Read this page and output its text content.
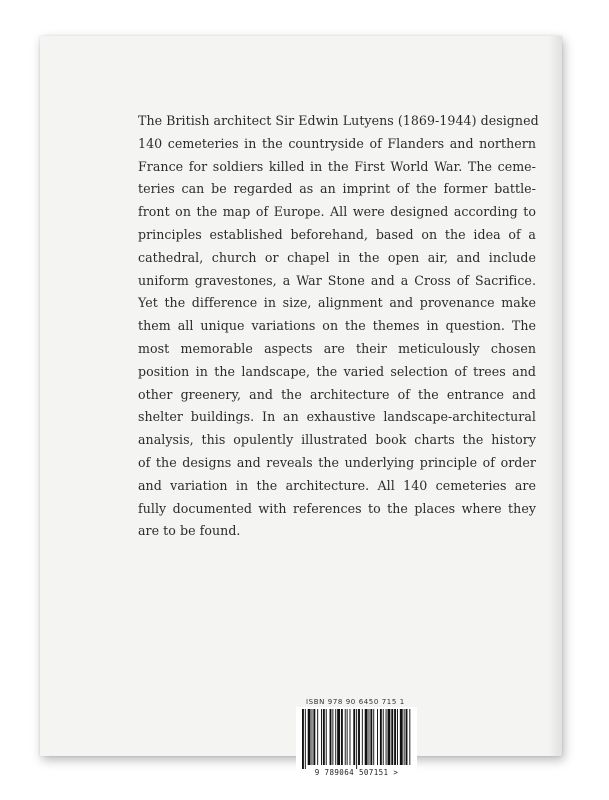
The British architect Sir Edwin Lutyens (1869-1944) designed
140 cemeteries in the countryside of Flanders and northern
France for soldiers killed in the First World War. The ceme-
teries can be regarded as an imprint of the former battle-
front on the map of Europe. All were designed according to
principles established beforehand, based on the idea of a
cathedral, church or chapel in the open air, and include
uniform gravestones, a War Stone and a Cross of Sacrifice.
Yet the difference in size, alignment and provenance make
them all unique variations on the themes in question. The
most memorable aspects are their meticulously chosen
position in the landscape, the varied selection of trees and
other greenery, and the architecture of the entrance and
shelter buildings. In an exhaustive landscape-architectural
analysis, this opulently illustrated book charts the history
of the designs and reveals the underlying principle of order
and variation in the architecture. All 140 cemeteries are
fully documented with references to the places where they
are to be found.

ISBN 978 90 6450 715 1
9 789064 507151 >
